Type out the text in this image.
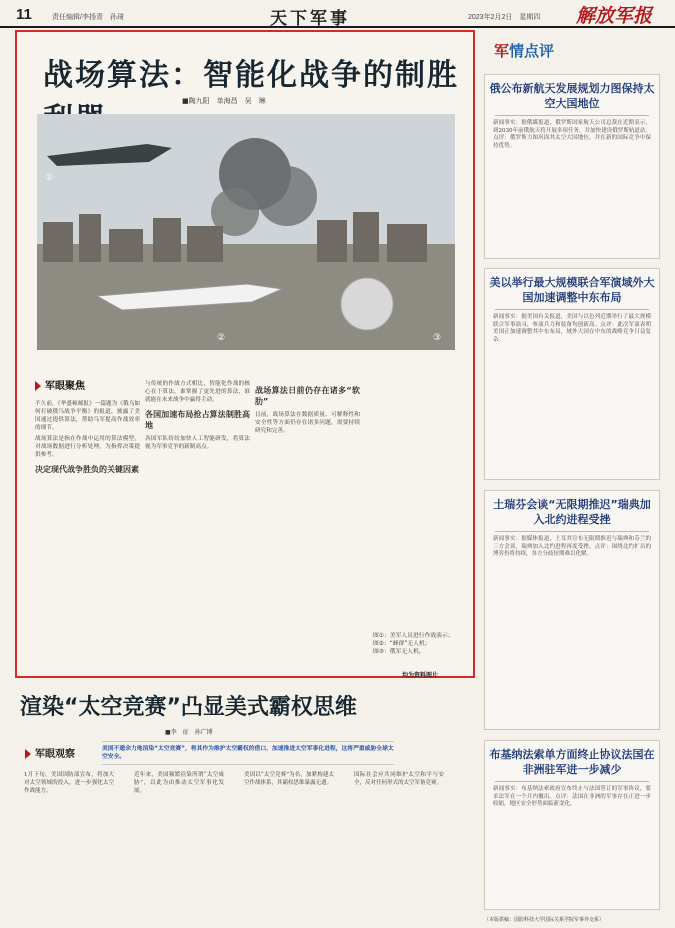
11	责任编辑/李扬青　孙琦	天下军事	2023年2月2日　星期四 解放军报
战场算法：智能化战争的制胜
■陶九阳　单海昌　吴　琳
①
②	③
军眼聚焦

不久前，《华盛顿邮报》一篇题为《俄乌如何打破俄乌战争平衡》的报道，披露了美国通过提供算法，帮助乌军提高作战效率的细节。

战场算法是指在作战中运用的算法模型，对战场数据进行分析处理，为指挥决策提供参考。

决定现代战争胜负的关键因素

与传统的作战方式相比，智能化作战的核心在于算法。谁掌握了更先进的算法，谁就能在未来战争中赢得主动。

各国加速布局抢占算法制胜高地

各国军队纷纷加快人工智能研发，将算法视为军事竞争的新制高点。

战场算法日前仍存在诸多“软肋”

目前，战场算法在数据质量、可解释性和安全性等方面仍存在诸多问题，需要持续研究和完善。

图①：美军人员进行作战演示；
图②：“蜂群”无人机；
图③：俄军无人机。
均为资料图片
军情点评
俄公布新航天发展规划力图保持太空大国地位

新闻事实：据俄媒报道，俄罗斯国家航天公司总裁在近期表示，到2030年前俄航天将开展多项任务，并加快建设俄罗斯轨道站。点评：俄罗斯力图巩固其太空大国地位，并在新的国际竞争中保持优势。

美以举行最大规模联合军演域外大国加速调整中东布局

新闻事实：据美国有关报道，美国与以色列近期举行了最大规模联合军事演习，参演兵力和装备均创新高。点评：此次军演表明美国正加速调整其中东布局，域外大国在中东的战略竞争日益复杂。

土瑞芬会谈“无限期推迟”瑞典加入北约进程受挫

新闻事实：据媒体报道，土耳其宣布无限期推迟与瑞典和芬兰的三方会谈，瑞典加入北约进程再度受挫。点评：围绕北约扩员的博弈仍将持续，各方分歧短期难以化解。

布基纳法索单方面终止协议法国在非洲驻军进一步减少

新闻事实：布基纳法索政府宣布终止与法国签订的军事协议，要求法军在一个月内撤出。点评：法国在非洲的军事存在正进一步收缩，地区安全形势面临新变化。

（本版供稿：国防科技大学国际关系学院军事外交系）
渲染“太空竞赛”凸显美式霸权思维
■李　征　孙广博
军眼观察	美国不遗余力地渲染“太空竞赛”，将其作为维护太空霸权的借口，加速推进太空军事化进程，这将严重威胁全球太空安全。
1月下旬，美国国防部宣布，将加大对太空领域的投入，进一步强化太空作战能力。
近年来，美国频繁渲染所谓“太空威胁”，以此为由推动太空军事化发展。
美国以“太空竞赛”为名，加紧构建太空作战体系，其霸权思维暴露无遗。
国际社会应共同维护太空和平与安全，反对任何形式的太空军备竞赛。
